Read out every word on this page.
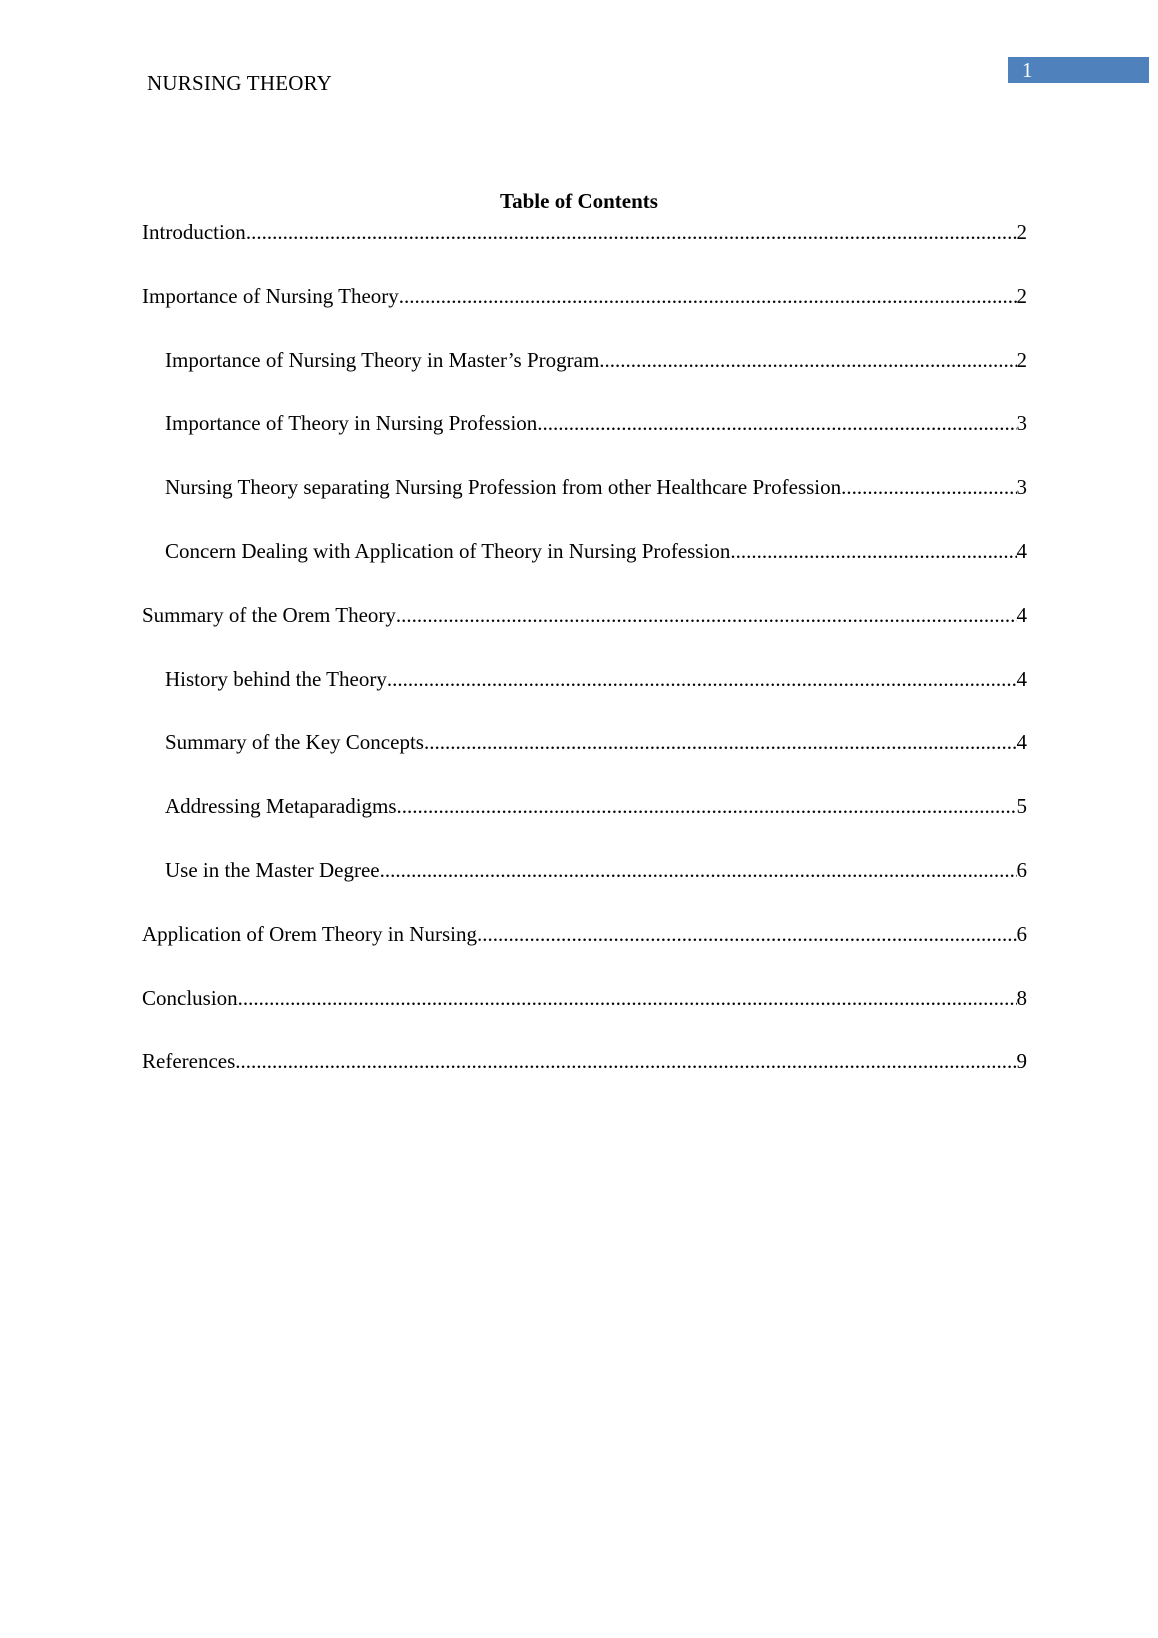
NURSING THEORY
1
Table of Contents
Introduction .....	2
Importance of Nursing Theory .....	2
Importance of Nursing Theory in Master’s Program .....	2
Importance of Theory in Nursing Profession .....	3
Nursing Theory separating Nursing Profession from other Healthcare Profession .....	3
Concern Dealing with Application of Theory in Nursing Profession .....	4
Summary of the Orem Theory .....	4
History behind the Theory .....	4
Summary of the Key Concepts .....	4
Addressing Metaparadigms .....	5
Use in the Master Degree .....	6
Application of Orem Theory in Nursing .....	6
Conclusion .....	8
References .....	9
